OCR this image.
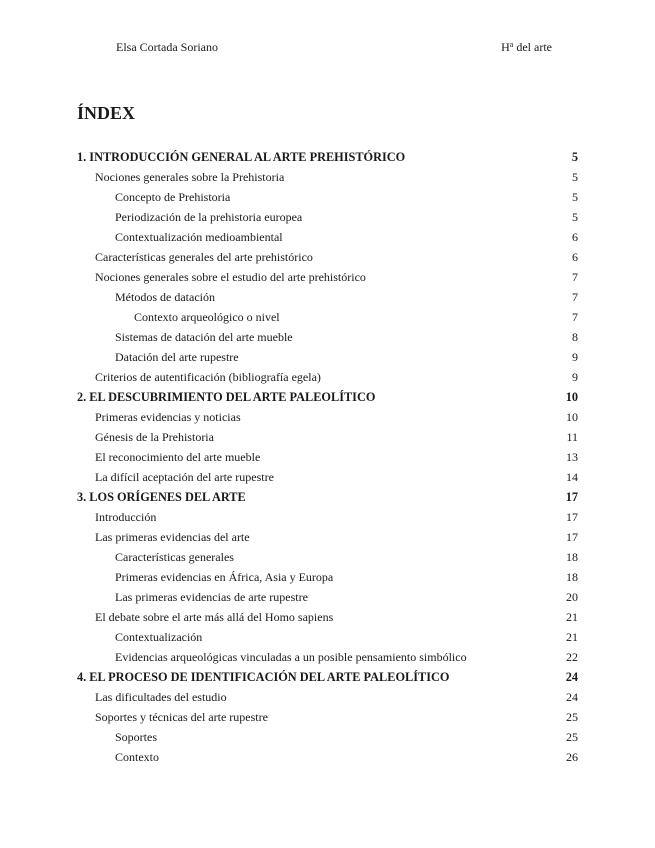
Elsa Cortada Soriano	$H^a$ del arte
ÍNDEX
1. INTRODUCCIÓN GENERAL AL ARTE PREHISTÓRICO	5
Nociones generales sobre la Prehistoria	5
Concepto de Prehistoria	5
Periodización de la prehistoria europea	5
Contextualización medioambiental	6
Características generales del arte prehistórico	6
Nociones generales sobre el estudio del arte prehistórico	7
Métodos de datación	7
Contexto arqueológico o nivel	7
Sistemas de datación del arte mueble	8
Datación del arte rupestre	9
Criterios de autentificación (bibliografía egela)	9
2. EL DESCUBRIMIENTO DEL ARTE PALEOLÍTICO	10
Primeras evidencias y noticias	10
Génesis de la Prehistoria	11
El reconocimiento del arte mueble	13
La difícil aceptación del arte rupestre	14
3. LOS ORÍGENES DEL ARTE	17
Introducción	17
Las primeras evidencias del arte	17
Características generales	18
Primeras evidencias en África, Asia y Europa	18
Las primeras evidencias de arte rupestre	20
El debate sobre el arte más allá del Homo sapiens	21
Contextualización	21
Evidencias arqueológicas vinculadas a un posible pensamiento simbólico	22
4. EL PROCESO DE IDENTIFICACIÓN DEL ARTE PALEOLÍTICO	24
Las dificultades del estudio	24
Soportes y técnicas del arte rupestre	25
Soportes	25
Contexto	26
